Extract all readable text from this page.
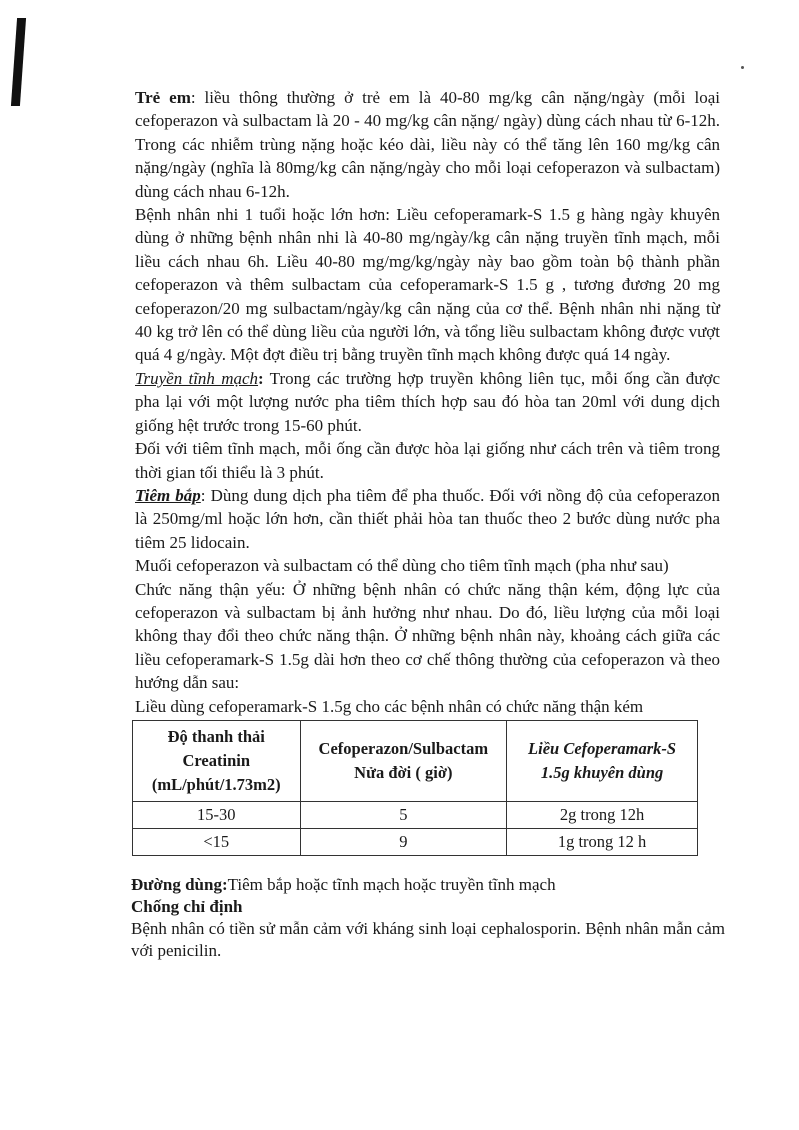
Trẻ em: liều thông thường ở trẻ em là 40-80 mg/kg cân nặng/ngày (mỗi loại cefoperazon và sulbactam là 20 - 40 mg/kg cân nặng/ ngày) dùng cách nhau từ 6-12h. Trong các nhiễm trùng nặng hoặc kéo dài, liều này có thể tăng lên 160 mg/kg cân nặng/ngày (nghĩa là 80mg/kg cân nặng/ngày cho mỗi loại cefoperazon và sulbactam) dùng cách nhau 6-12h.

Bệnh nhân nhi 1 tuổi hoặc lớn hơn: Liều cefoperamark-S 1.5 g hàng ngày khuyên dùng ở những bệnh nhân nhi là 40-80 mg/ngày/kg cân nặng truyền tĩnh mạch, mỗi liều cách nhau 6h. Liều 40-80 mg/mg/kg/ngày này bao gồm toàn bộ thành phần cefoperazon và thêm sulbactam của cefoperamark-S 1.5 g , tương đương 20 mg cefoperazon/20 mg sulbactam/ngày/kg cân nặng của cơ thể. Bệnh nhân nhi nặng từ 40 kg trở lên có thể dùng liều của người lớn, và tổng liều sulbactam không được vượt quá 4 g/ngày. Một đợt điều trị bằng truyền tĩnh mạch không được quá 14 ngày.

Truyền tĩnh mạch: Trong các trường hợp truyền không liên tục, mỗi ống cần được pha lại với một lượng nước pha tiêm thích hợp sau đó hòa tan 20ml với dung dịch giống hệt trước trong 15-60 phút.

Đối với tiêm tĩnh mạch, mỗi ống cần được hòa lại giống như cách trên và tiêm trong thời gian tối thiểu là 3 phút.

Tiêm bắp: Dùng dung dịch pha tiêm để pha thuốc. Đối với nồng độ của cefoperazon là 250mg/ml hoặc lớn hơn, cần thiết phải hòa tan thuốc theo 2 bước dùng nước pha tiêm 25 lidocain.

Muối cefoperazon và sulbactam có thể dùng cho tiêm tĩnh mạch (pha như sau)

Chức năng thận yếu: Ở những bệnh nhân có chức năng thận kém, động lực của cefoperazon và sulbactam bị ảnh hưởng như nhau. Do đó, liều lượng của mỗi loại không thay đổi theo chức năng thận. Ở những bệnh nhân này, khoảng cách giữa các liều cefoperamark-S 1.5g dài hơn theo cơ chế thông thường của cefoperazon và theo hướng dẫn sau:

Liều dùng cefoperamark-S 1.5g cho các bệnh nhân có chức năng thận kém

Độ thanh thải Creatinin (mL/phút/1.73m2)	Cefoperazon/Sulbactam Nửa đời ( giờ)	Liều Cefoperamark-S 1.5g khuyên dùng
15-30	5	2g trong 12h
<15	9	1g trong 12 h

Đường dùng:Tiêm bắp hoặc tĩnh mạch hoặc truyền tĩnh mạch

Chống chỉ định

Bệnh nhân có tiền sử mẫn cảm với kháng sinh loại cephalosporin. Bệnh nhân mẫn cảm với penicilin.
